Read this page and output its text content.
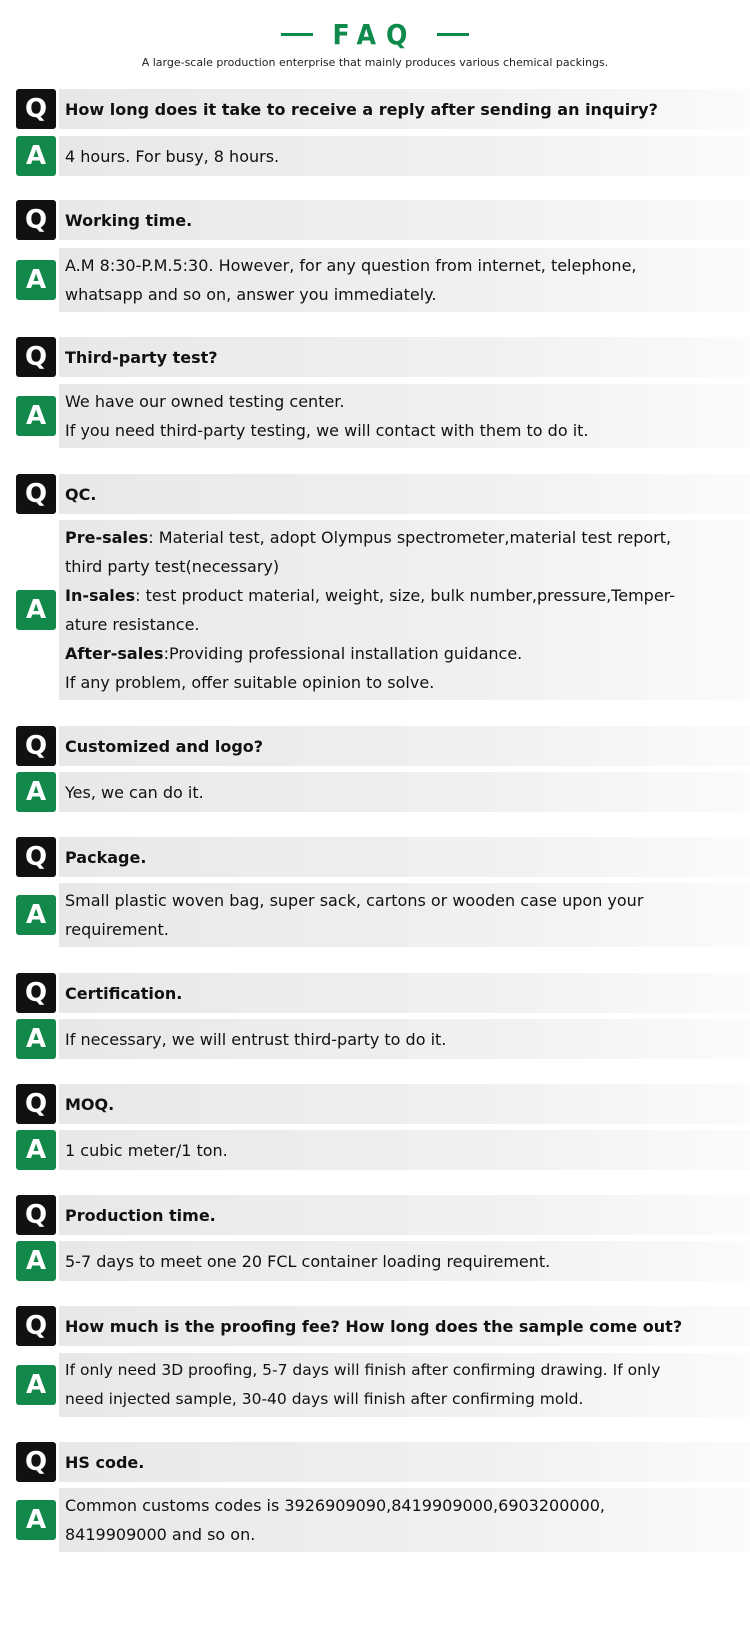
FAQ
A large-scale production enterprise that mainly produces various chemical packings.
Q How long does it take to receive a reply after sending an inquiry?
A 4 hours. For busy, 8 hours.
Q Working time.
A A.M 8:30-P.M.5:30. However, for any question from internet, telephone,
whatsapp and so on, answer you immediately.
Q Third-party test?
A We have our owned testing center.
If you need third-party testing, we will contact with them to do it.
Q QC.
A
Pre-sales: Material test, adopt Olympus spectrometer,material test report,
third party test(necessary)
In-sales: test product material, weight, size, bulk number,pressure,Temper-
ature resistance.
After-sales:Providing professional installation guidance.
If any problem, offer suitable opinion to solve.
Q Customized and logo?
A Yes, we can do it.
Q Package.
A Small plastic woven bag, super sack, cartons or wooden case upon your
requirement.
Q Certification.
A If necessary, we will entrust third-party to do it.
Q MOQ.
A 1 cubic meter/1 ton.
Q Production time.
A 5-7 days to meet one 20 FCL container loading requirement.
Q How much is the proofing fee? How long does the sample come out?
A If only need 3D proofing, 5-7 days will finish after confirming drawing. If only
need injected sample, 30-40 days will finish after confirming mold.
Q HS code.
A Common customs codes is 3926909090,8419909000,6903200000,
8419909000 and so on.
